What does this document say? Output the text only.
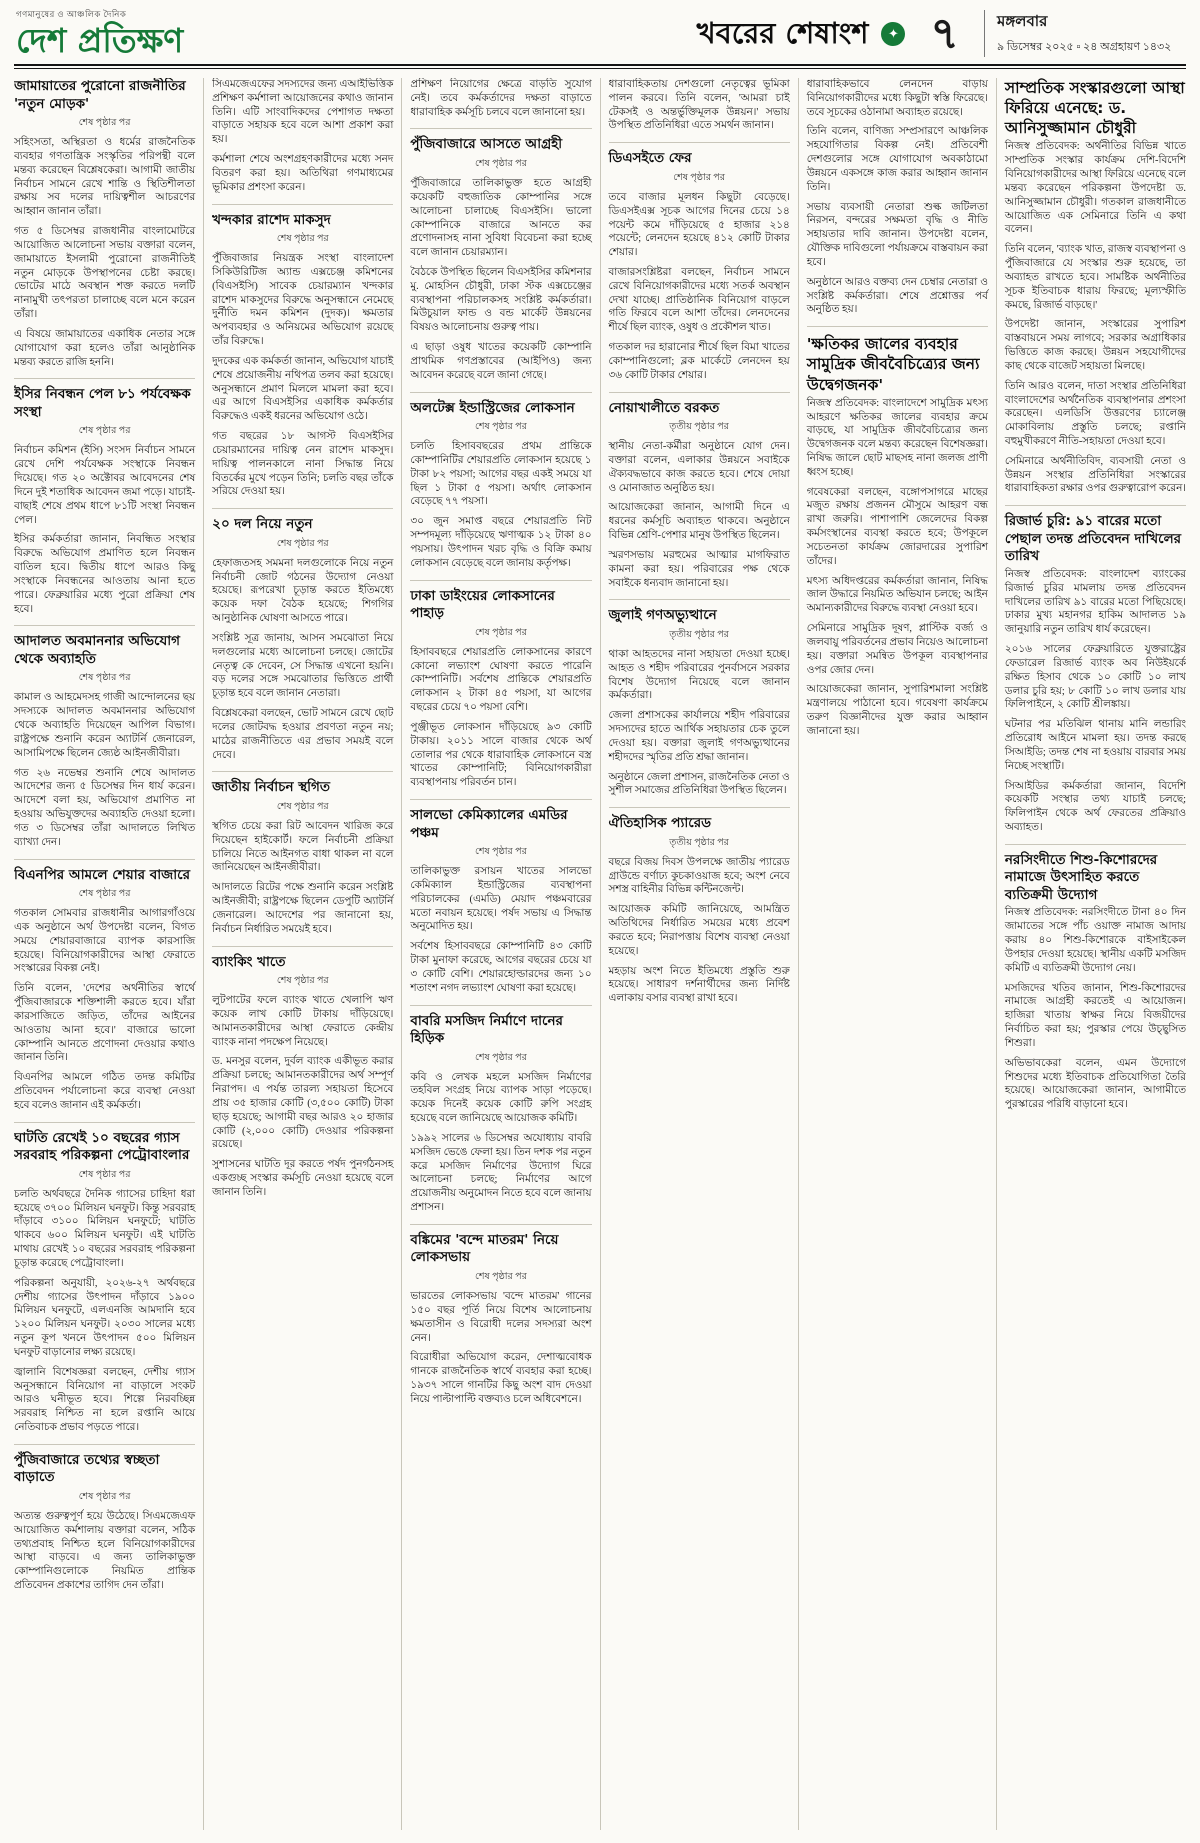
গণমানুষের ও আঞ্চলিক দৈনিক
দেশ প্রতিক্ষণ	খবরের শেষাংশ	✦ ৭	মঙ্গলবার
৯ ডিসেম্বর ২০২৫ ▫ ২৪ অগ্রহায়ণ ১৪৩২
জামায়াতের পুরোনো রাজনীতির 'নতুন মোড়ক'
শেষ পৃষ্ঠার পর

সহিংসতা, অস্থিরতা ও ধর্মের রাজনৈতিক ব্যবহার গণতান্ত্রিক সংস্কৃতির পরিপন্থী বলে মন্তব্য করেছেন বিশ্লেষকেরা। আগামী জাতীয় নির্বাচন সামনে রেখে শান্তি ও স্থিতিশীলতা রক্ষায় সব দলের দায়িত্বশীল আচরণের আহ্বান জানান তাঁরা।

গত ৫ ডিসেম্বর রাজধানীর বাংলামোটরে আয়োজিত আলোচনা সভায় বক্তারা বলেন, জামায়াতে ইসলামী পুরোনো রাজনীতিই নতুন মোড়কে উপস্থাপনের চেষ্টা করছে। ভোটের মাঠে অবস্থান শক্ত করতে দলটি নানামুখী তৎপরতা চালাচ্ছে বলে মনে করেন তাঁরা।

এ বিষয়ে জামায়াতের একাধিক নেতার সঙ্গে যোগাযোগ করা হলেও তাঁরা আনুষ্ঠানিক মন্তব্য করতে রাজি হননি।

ইসির নিবন্ধন পেল ৮১ পর্যবেক্ষক সংস্থা
শেষ পৃষ্ঠার পর

নির্বাচন কমিশন (ইসি) সংসদ নির্বাচন সামনে রেখে দেশি পর্যবেক্ষক সংস্থাকে নিবন্ধন দিয়েছে। গত ২০ অক্টোবর আবেদনের শেষ দিনে দুই শতাধিক আবেদন জমা পড়ে। যাচাই-বাছাই শেষে প্রথম ধাপে ৮১টি সংস্থা নিবন্ধন পেল।

ইসির কর্মকর্তারা জানান, নিবন্ধিত সংস্থার বিরুদ্ধে অভিযোগ প্রমাণিত হলে নিবন্ধন বাতিল হবে। দ্বিতীয় ধাপে আরও কিছু সংস্থাকে নিবন্ধনের আওতায় আনা হতে পারে। ফেব্রুয়ারির মধ্যে পুরো প্রক্রিয়া শেষ হবে।

আদালত অবমাননার অভিযোগ থেকে অব্যাহতি
শেষ পৃষ্ঠার পর

কামাল ও আহমেদসহ গাজী আন্দোলনের ছয় সদস্যকে আদালত অবমাননার অভিযোগ থেকে অব্যাহতি দিয়েছেন আপিল বিভাগ। রাষ্ট্রপক্ষে শুনানি করেন অ্যাটর্নি জেনারেল, আসামিপক্ষে ছিলেন জ্যেষ্ঠ আইনজীবীরা।

গত ২৬ নভেম্বর শুনানি শেষে আদালত আদেশের জন্য ৫ ডিসেম্বর দিন ধার্য করেন। আদেশে বলা হয়, অভিযোগ প্রমাণিত না হওয়ায় অভিযুক্তদের অব্যাহতি দেওয়া হলো। গত ৩ ডিসেম্বর তাঁরা আদালতে লিখিত ব্যাখ্যা দেন।

বিএনপির আমলে শেয়ার বাজারে
শেষ পৃষ্ঠার পর

গতকাল সোমবার রাজধানীর আগারগাঁওয়ে এক অনুষ্ঠানে অর্থ উপদেষ্টা বলেন, বিগত সময়ে শেয়ারবাজারে ব্যাপক কারসাজি হয়েছে। বিনিয়োগকারীদের আস্থা ফেরাতে সংস্কারের বিকল্প নেই।

তিনি বলেন, 'দেশের অর্থনীতির স্বার্থে পুঁজিবাজারকে শক্তিশালী করতে হবে। যাঁরা কারসাজিতে জড়িত, তাঁদের আইনের আওতায় আনা হবে।' বাজারে ভালো কোম্পানি আনতে প্রণোদনা দেওয়ার কথাও জানান তিনি।

বিএনপির আমলে গঠিত তদন্ত কমিটির প্রতিবেদন পর্যালোচনা করে ব্যবস্থা নেওয়া হবে বলেও জানান এই কর্মকর্তা।

ঘাটতি রেখেই ১০ বছরের গ্যাস সরবরাহ পরিকল্পনা পেট্রোবাংলার
শেষ পৃষ্ঠার পর

চলতি অর্থবছরে দৈনিক গ্যাসের চাহিদা ধরা হয়েছে ৩৭০০ মিলিয়ন ঘনফুট। কিন্তু সরবরাহ দাঁড়াবে ৩১০০ মিলিয়ন ঘনফুটে; ঘাটতি থাকবে ৬০০ মিলিয়ন ঘনফুট। এই ঘাটতি মাথায় রেখেই ১০ বছরের সরবরাহ পরিকল্পনা চূড়ান্ত করেছে পেট্রোবাংলা।

পরিকল্পনা অনুযায়ী, ২০২৬-২৭ অর্থবছরে দেশীয় গ্যাসের উৎপাদন দাঁড়াবে ১৯০০ মিলিয়ন ঘনফুটে, এলএনজি আমদানি হবে ১২০০ মিলিয়ন ঘনফুট। ২০৩০ সালের মধ্যে নতুন কূপ খননে উৎপাদন ৫০০ মিলিয়ন ঘনফুট বাড়ানোর লক্ষ্য রয়েছে।

জ্বালানি বিশেষজ্ঞরা বলছেন, দেশীয় গ্যাস অনুসন্ধানে বিনিয়োগ না বাড়ালে সংকট আরও ঘনীভূত হবে। শিল্পে নিরবচ্ছিন্ন সরবরাহ নিশ্চিত না হলে রপ্তানি আয়ে নেতিবাচক প্রভাব পড়তে পারে।

পুঁজিবাজারে তথ্যের স্বচ্ছতা বাড়াতে
শেষ পৃষ্ঠার পর

অত্যন্ত গুরুত্বপূর্ণ হয়ে উঠেছে। সিএমজেএফ আয়োজিত কর্মশালায় বক্তারা বলেন, সঠিক তথ্যপ্রবাহ নিশ্চিত হলে বিনিয়োগকারীদের আস্থা বাড়বে। এ জন্য তালিকাভুক্ত কোম্পানিগুলোকে নিয়মিত প্রান্তিক প্রতিবেদন প্রকাশের তাগিদ দেন তাঁরা।

সিএমজেএফের সদস্যদের জন্য এআইভিত্তিক প্রশিক্ষণ কর্মশালা আয়োজনের কথাও জানান তিনি। এটি সাংবাদিকদের পেশাগত দক্ষতা বাড়াতে সহায়ক হবে বলে আশা প্রকাশ করা হয়।

কর্মশালা শেষে অংশগ্রহণকারীদের মধ্যে সনদ বিতরণ করা হয়। অতিথিরা গণমাধ্যমের ভূমিকার প্রশংসা করেন।

খন্দকার রাশেদ মাকসুদ
শেষ পৃষ্ঠার পর

পুঁজিবাজার নিয়ন্ত্রক সংস্থা বাংলাদেশ সিকিউরিটিজ অ্যান্ড এক্সচেঞ্জ কমিশনের (বিএসইসি) সাবেক চেয়ারম্যান খন্দকার রাশেদ মাকসুদের বিরুদ্ধে অনুসন্ধানে নেমেছে দুর্নীতি দমন কমিশন (দুদক)। ক্ষমতার অপব্যবহার ও অনিয়মের অভিযোগ রয়েছে তাঁর বিরুদ্ধে।

দুদকের এক কর্মকর্তা জানান, অভিযোগ যাচাই শেষে প্রয়োজনীয় নথিপত্র তলব করা হয়েছে। অনুসন্ধানে প্রমাণ মিললে মামলা করা হবে। এর আগে বিএসইসির একাধিক কর্মকর্তার বিরুদ্ধেও একই ধরনের অভিযোগ ওঠে।

গত বছরের ১৮ আগস্ট বিএসইসির চেয়ারম্যানের দায়িত্ব নেন রাশেদ মাকসুদ। দায়িত্ব পালনকালে নানা সিদ্ধান্ত নিয়ে বিতর্কের মুখে পড়েন তিনি; চলতি বছর তাঁকে সরিয়ে দেওয়া হয়।

২০ দল নিয়ে নতুন
শেষ পৃষ্ঠার পর

হেফাজতসহ সমমনা দলগুলোকে নিয়ে নতুন নির্বাচনী জোট গঠনের উদ্যোগ নেওয়া হয়েছে। রূপরেখা চূড়ান্ত করতে ইতিমধ্যে কয়েক দফা বৈঠক হয়েছে; শিগগির আনুষ্ঠানিক ঘোষণা আসতে পারে।

সংশ্লিষ্ট সূত্র জানায়, আসন সমঝোতা নিয়ে দলগুলোর মধ্যে আলোচনা চলছে। জোটের নেতৃত্ব কে দেবেন, সে সিদ্ধান্ত এখনো হয়নি। বড় দলের সঙ্গে সমঝোতার ভিত্তিতে প্রার্থী চূড়ান্ত হবে বলে জানান নেতারা।

বিশ্লেষকেরা বলছেন, ভোট সামনে রেখে ছোট দলের জোটবদ্ধ হওয়ার প্রবণতা নতুন নয়; মাঠের রাজনীতিতে এর প্রভাব সময়ই বলে দেবে।

জাতীয় নির্বাচন স্থগিত
শেষ পৃষ্ঠার পর

স্থগিত চেয়ে করা রিট আবেদন খারিজ করে দিয়েছেন হাইকোর্ট। ফলে নির্বাচনী প্রক্রিয়া চালিয়ে নিতে আইনগত বাধা থাকল না বলে জানিয়েছেন আইনজীবীরা।

আদালতে রিটের পক্ষে শুনানি করেন সংশ্লিষ্ট আইনজীবী; রাষ্ট্রপক্ষে ছিলেন ডেপুটি অ্যাটর্নি জেনারেল। আদেশের পর জানানো হয়, নির্বাচন নির্ধারিত সময়েই হবে।

ব্যাংকিং খাতে
শেষ পৃষ্ঠার পর

লুটপাটের ফলে ব্যাংক খাতে খেলাপি ঋণ কয়েক লাখ কোটি টাকায় দাঁড়িয়েছে। আমানতকারীদের আস্থা ফেরাতে কেন্দ্রীয় ব্যাংক নানা পদক্ষেপ নিয়েছে।

ড. মনসুর বলেন, দুর্বল ব্যাংক একীভূত করার প্রক্রিয়া চলছে; আমানতকারীদের অর্থ সম্পূর্ণ নিরাপদ। এ পর্যন্ত তারল্য সহায়তা হিসেবে প্রায় ৩৫ হাজার কোটি (৩,৫০০ কোটি) টাকা ছাড় হয়েছে; আগামী বছর আরও ২০ হাজার কোটি (২,০০০ কোটি) দেওয়ার পরিকল্পনা রয়েছে।

সুশাসনের ঘাটতি দূর করতে পর্ষদ পুনর্গঠনসহ একগুচ্ছ সংস্কার কর্মসূচি নেওয়া হয়েছে বলে জানান তিনি।

প্রশিক্ষণ নিয়োগের ক্ষেত্রে বাড়তি সুযোগ নেই। তবে কর্মকর্তাদের দক্ষতা বাড়াতে ধারাবাহিক কর্মসূচি চলবে বলে জানানো হয়।

পুঁজিবাজারে আসতে আগ্রহী
শেষ পৃষ্ঠার পর

পুঁজিবাজারে তালিকাভুক্ত হতে আগ্রহী কয়েকটি বহুজাতিক কোম্পানির সঙ্গে আলোচনা চালাচ্ছে বিএসইসি। ভালো কোম্পানিকে বাজারে আনতে কর প্রণোদনাসহ নানা সুবিধা বিবেচনা করা হচ্ছে বলে জানান চেয়ারম্যান।

বৈঠকে উপস্থিত ছিলেন বিএসইসির কমিশনার মু. মোহসিন চৌধুরী, ঢাকা স্টক এক্সচেঞ্জের ব্যবস্থাপনা পরিচালকসহ সংশ্লিষ্ট কর্মকর্তারা। মিউচুয়াল ফান্ড ও বন্ড মার্কেট উন্নয়নের বিষয়ও আলোচনায় গুরুত্ব পায়।

এ ছাড়া ওষুধ খাতের কয়েকটি কোম্পানি প্রাথমিক গণপ্রস্তাবের (আইপিও) জন্য আবেদন করেছে বলে জানা গেছে।

অলটেক্স ইন্ডাস্ট্রিজের লোকসান
শেষ পৃষ্ঠার পর

চলতি হিসাববছরের প্রথম প্রান্তিকে কোম্পানিটির শেয়ারপ্রতি লোকসান হয়েছে ১ টাকা ৮২ পয়সা; আগের বছর একই সময়ে যা ছিল ১ টাকা ৫ পয়সা। অর্থাৎ লোকসান বেড়েছে ৭৭ পয়সা।

৩০ জুন সমাপ্ত বছরে শেয়ারপ্রতি নিট সম্পদমূল্য দাঁড়িয়েছে ঋণাত্মক ১২ টাকা ৪০ পয়সায়। উৎপাদন খরচ বৃদ্ধি ও বিক্রি কমায় লোকসান বেড়েছে বলে জানায় কর্তৃপক্ষ।

ঢাকা ডাইংয়ের লোকসানের পাহাড়
শেষ পৃষ্ঠার পর

হিসাববছরে শেয়ারপ্রতি লোকসানের কারণে কোনো লভ্যাংশ ঘোষণা করতে পারেনি কোম্পানিটি। সর্বশেষ প্রান্তিকে শেয়ারপ্রতি লোকসান ২ টাকা ৪৫ পয়সা, যা আগের বছরের চেয়ে ৭০ পয়সা বেশি।

পুঞ্জীভূত লোকসান দাঁড়িয়েছে ৯৩ কোটি টাকায়। ২০১১ সালে বাজার থেকে অর্থ তোলার পর থেকে ধারাবাহিক লোকসানে বস্ত্র খাতের কোম্পানিটি; বিনিয়োগকারীরা ব্যবস্থাপনায় পরিবর্তন চান।

সালভো কেমিক্যালের এমডির পঞ্চম
শেষ পৃষ্ঠার পর

তালিকাভুক্ত রসায়ন খাতের সালভো কেমিক্যাল ইন্ডাস্ট্রিজের ব্যবস্থাপনা পরিচালকের (এমডি) মেয়াদ পঞ্চমবারের মতো নবায়ন হয়েছে। পর্ষদ সভায় এ সিদ্ধান্ত অনুমোদিত হয়।

সর্বশেষ হিসাববছরে কোম্পানিটি ৪৩ কোটি টাকা মুনাফা করেছে, আগের বছরের চেয়ে যা ৩ কোটি বেশি। শেয়ারহোল্ডারদের জন্য ১০ শতাংশ নগদ লভ্যাংশ ঘোষণা করা হয়েছে।

বাবরি মসজিদ নির্মাণে দানের হিড়িক
শেষ পৃষ্ঠার পর

কবি ও লেখক মহলে মসজিদ নির্মাণের তহবিল সংগ্রহ নিয়ে ব্যাপক সাড়া পড়েছে। কয়েক দিনেই কয়েক কোটি রুপি সংগ্রহ হয়েছে বলে জানিয়েছে আয়োজক কমিটি।

১৯৯২ সালের ৬ ডিসেম্বর অযোধ্যায় বাবরি মসজিদ ভেঙে ফেলা হয়। তিন দশক পর নতুন করে মসজিদ নির্মাণের উদ্যোগ ঘিরে আলোচনা চলছে; নির্মাণের আগে প্রয়োজনীয় অনুমোদন নিতে হবে বলে জানায় প্রশাসন।

বঙ্কিমের 'বন্দে মাতরম' নিয়ে লোকসভায়
শেষ পৃষ্ঠার পর

ভারতের লোকসভায় 'বন্দে মাতরম' গানের ১৫০ বছর পূর্তি নিয়ে বিশেষ আলোচনায় ক্ষমতাসীন ও বিরোধী দলের সদস্যরা অংশ নেন।

বিরোধীরা অভিযোগ করেন, দেশাত্মবোধক গানকে রাজনৈতিক স্বার্থে ব্যবহার করা হচ্ছে। ১৯৩৭ সালে গানটির কিছু অংশ বাদ দেওয়া নিয়ে পাল্টাপাল্টি বক্তব্যও চলে অধিবেশনে।

ধারাবাহিকতায় দেশগুলো নেতৃত্বের ভূমিকা পালন করবে। তিনি বলেন, 'আমরা চাই টেকসই ও অন্তর্ভুক্তিমূলক উন্নয়ন।' সভায় উপস্থিত প্রতিনিধিরা এতে সমর্থন জানান।

ডিএসইতে ফের
শেষ পৃষ্ঠার পর

তবে বাজার মূলধন কিছুটা বেড়েছে। ডিএসইএক্স সূচক আগের দিনের চেয়ে ১৪ পয়েন্ট কমে দাঁড়িয়েছে ৫ হাজার ২১৪ পয়েন্টে; লেনদেন হয়েছে ৪১২ কোটি টাকার শেয়ার।

বাজারসংশ্লিষ্টরা বলছেন, নির্বাচন সামনে রেখে বিনিয়োগকারীদের মধ্যে সতর্ক অবস্থান দেখা যাচ্ছে। প্রাতিষ্ঠানিক বিনিয়োগ বাড়লে গতি ফিরবে বলে আশা তাঁদের। লেনদেনের শীর্ষে ছিল ব্যাংক, ওষুধ ও প্রকৌশল খাত।

গতকাল দর হারানোর শীর্ষে ছিল বিমা খাতের কোম্পানিগুলো; ব্লক মার্কেটে লেনদেন হয় ৩৬ কোটি টাকার শেয়ার।

নোয়াখালীতে বরকত
তৃতীয় পৃষ্ঠার পর

স্থানীয় নেতা-কর্মীরা অনুষ্ঠানে যোগ দেন। বক্তারা বলেন, এলাকার উন্নয়নে সবাইকে ঐক্যবদ্ধভাবে কাজ করতে হবে। শেষে দোয়া ও মোনাজাত অনুষ্ঠিত হয়।

আয়োজকেরা জানান, আগামী দিনে এ ধরনের কর্মসূচি অব্যাহত থাকবে। অনুষ্ঠানে বিভিন্ন শ্রেণি-পেশার মানুষ উপস্থিত ছিলেন।

স্মরণসভায় মরহুমের আত্মার মাগফিরাত কামনা করা হয়। পরিবারের পক্ষ থেকে সবাইকে ধন্যবাদ জানানো হয়।

জুলাই গণঅভ্যুত্থানে
তৃতীয় পৃষ্ঠার পর

থাকা আহতদের নানা সহায়তা দেওয়া হচ্ছে। আহত ও শহীদ পরিবারের পুনর্বাসনে সরকার বিশেষ উদ্যোগ নিয়েছে বলে জানান কর্মকর্তারা।

জেলা প্রশাসকের কার্যালয়ে শহীদ পরিবারের সদস্যদের হাতে আর্থিক সহায়তার চেক তুলে দেওয়া হয়। বক্তারা জুলাই গণঅভ্যুত্থানের শহীদদের স্মৃতির প্রতি শ্রদ্ধা জানান।

অনুষ্ঠানে জেলা প্রশাসন, রাজনৈতিক নেতা ও সুশীল সমাজের প্রতিনিধিরা উপস্থিত ছিলেন।

ঐতিহাসিক প্যারেড
তৃতীয় পৃষ্ঠার পর

বছরে বিজয় দিবস উপলক্ষে জাতীয় প্যারেড গ্রাউন্ডে বর্ণাঢ্য কুচকাওয়াজ হবে; অংশ নেবে সশস্ত্র বাহিনীর বিভিন্ন কন্টিনজেন্ট।

আয়োজক কমিটি জানিয়েছে, আমন্ত্রিত অতিথিদের নির্ধারিত সময়ের মধ্যে প্রবেশ করতে হবে; নিরাপত্তায় বিশেষ ব্যবস্থা নেওয়া হয়েছে।

মহড়ায় অংশ নিতে ইতিমধ্যে প্রস্তুতি শুরু হয়েছে। সাধারণ দর্শনার্থীদের জন্য নির্দিষ্ট এলাকায় বসার ব্যবস্থা রাখা হবে।

ধারাবাহিকভাবে লেনদেন বাড়ায় বিনিয়োগকারীদের মধ্যে কিছুটা স্বস্তি ফিরেছে। তবে সূচকের ওঠানামা অব্যাহত রয়েছে।

তিনি বলেন, বাণিজ্য সম্প্রসারণে আঞ্চলিক সহযোগিতার বিকল্প নেই। প্রতিবেশী দেশগুলোর সঙ্গে যোগাযোগ অবকাঠামো উন্নয়নে একসঙ্গে কাজ করার আহ্বান জানান তিনি।

সভায় ব্যবসায়ী নেতারা শুল্ক জটিলতা নিরসন, বন্দরের সক্ষমতা বৃদ্ধি ও নীতি সহায়তার দাবি জানান। উপদেষ্টা বলেন, যৌক্তিক দাবিগুলো পর্যায়ক্রমে বাস্তবায়ন করা হবে।

অনুষ্ঠানে আরও বক্তব্য দেন চেম্বার নেতারা ও সংশ্লিষ্ট কর্মকর্তারা। শেষে প্রশ্নোত্তর পর্ব অনুষ্ঠিত হয়।

'ক্ষতিকর জালের ব্যবহার সামুদ্রিক জীববৈচিত্র্যের জন্য উদ্বেগজনক'

নিজস্ব প্রতিবেদক: বাংলাদেশে সামুদ্রিক মৎস্য আহরণে ক্ষতিকর জালের ব্যবহার ক্রমে বাড়ছে, যা সামুদ্রিক জীববৈচিত্র্যের জন্য উদ্বেগজনক বল‌ে মন্তব্য করেছেন বিশেষজ্ঞরা। নিষিদ্ধ জালে ছোট মাছসহ নানা জলজ প্রাণী ধ্বংস হচ্ছে।

গবেষকেরা বলছেন, বঙ্গোপসাগরে মাছের মজুত রক্ষায় প্রজনন মৌসুমে আহরণ বন্ধ রাখা জরুরি। পাশাপাশি জেলেদের বিকল্প কর্মসংস্থানের ব্যবস্থা করতে হবে; উপকূলে সচেতনতা কার্যক্রম জোরদারের সুপারিশ তাঁদের।

মৎস্য অধিদপ্তরের কর্মকর্তারা জানান, নিষিদ্ধ জাল উদ্ধারে নিয়মিত অভিযান চলছে; আইন অমান্যকারীদের বিরুদ্ধে ব্যবস্থা নেওয়া হবে।

সেমিনারে সামুদ্রিক দূষণ, প্লাস্টিক বর্জ্য ও জলবায়ু পরিবর্তনের প্রভাব নিয়েও আলোচনা হয়। বক্তারা সমন্বিত উপকূল ব্যবস্থাপনার ওপর জোর দেন।

আয়োজকেরা জানান, সুপারিশমালা সংশ্লিষ্ট মন্ত্রণালয়ে পাঠানো হবে। গবেষণা কার্যক্রমে তরুণ বিজ্ঞানীদের যুক্ত করার আহ্বান জানানো হয়।

সাম্প্রতিক সংস্কারগুলো আস্থা ফিরিয়ে এনেছে: ড. আনিসুজ্জামান চৌধুরী

নিজস্ব প্রতিবেদক: অর্থনীতির বিভিন্ন খাতে সাম্প্রতিক সংস্কার কার্যক্রম দেশি-বিদেশি বিনিয়োগকারীদের আস্থা ফিরিয়ে এনেছে বলে মন্তব্য করেছেন পরিকল্পনা উপদেষ্টা ড. আনিসুজ্জামান চৌধুরী। গতকাল রাজধানীতে আয়োজিত এক সেমিনারে তিনি এ কথা বলেন।

তিনি বলেন, 'ব্যাংক খাত, রাজস্ব ব্যবস্থাপনা ও পুঁজিবাজারে যে সংস্কার শুরু হয়েছে, তা অব্যাহত রাখতে হবে। সামষ্টিক অর্থনীতির সূচক ইতিবাচক ধারায় ফিরছে; মূল্যস্ফীতি কমছে, রিজার্ভ বাড়ছে।'

উপদেষ্টা জানান, সংস্কারের সুপারিশ বাস্তবায়নে সময় লাগবে; সরকার অগ্রাধিকার ভিত্তিতে কাজ করছে। উন্নয়ন সহযোগীদের কাছ থেকে বাজেট সহায়তা মিলছে।

তিনি আরও বলেন, দাতা সংস্থার প্রতিনিধিরা বাংলাদেশের অর্থনৈতিক ব্যবস্থাপনার প্রশংসা করেছেন। এলডিসি উত্তরণের চ্যালেঞ্জ মোকাবিলায় প্রস্তুতি চলছে; রপ্তানি বহুমুখীকরণে নীতি-সহায়তা দেওয়া হবে।

সেমিনারে অর্থনীতিবিদ, ব্যবসায়ী নেতা ও উন্নয়ন সংস্থার প্রতিনিধিরা সংস্কারের ধারাবাহিকতা রক্ষার ওপর গুরুত্বারোপ করেন।

রিজার্ভ চুরি: ৯১ বারের মতো পেছাল তদন্ত প্রতিবেদন দাখিলের তারিখ

নিজস্ব প্রতিবেদক: বাংলাদেশ ব্যাংকের রিজার্ভ চুরির মামলায় তদন্ত প্রতিবেদন দাখিলের তারিখ ৯১ বারের মতো পিছিয়েছে। ঢাকার মুখ্য মহানগর হাকিম আদালত ১৯ জানুয়ারি নতুন তারিখ ধার্য করেছেন।

২০১৬ সালের ফেব্রুয়ারিতে যুক্তরাষ্ট্রের ফেডারেল রিজার্ভ ব্যাংক অব নিউইয়র্কে রক্ষিত হিসাব থেকে ১০ কোটি ১০ লাখ ডলার চুরি হয়; ৮ কোটি ১০ লাখ ডলার যায় ফিলিপাইনে, ২ কোটি শ্রীলঙ্কায়।

ঘটনার পর মতিঝিল থানায় মানি লন্ডারিং প্রতিরোধ আইনে মামলা হয়। তদন্ত করছে সিআইডি; তদন্ত শেষ না হওয়ায় বারবার সময় নিচ্ছে সংস্থাটি।

সিআইডির কর্মকর্তারা জানান, বিদেশি কয়েকটি সংস্থার তথ্য যাচাই চলছে; ফিলিপাইন থেকে অর্থ ফেরতের প্রক্রিয়াও অব্যাহত।

নরসিংদীতে শিশু-কিশোরদের নামাজে উৎসাহিত করতে ব্যতিক্রমী উদ্যোগ

নিজস্ব প্রতিবেদক: নরসিংদীতে টানা ৪০ দিন জামাতের সঙ্গে পাঁচ ওয়াক্ত নামাজ আদায় করায় ৪০ শিশু-কিশোরকে বাইসাইকেল উপহার দেওয়া হয়েছে। স্থানীয় একটি মসজিদ কমিটি এ ব্যতিক্রমী উদ্যোগ নেয়।

মসজিদের খতিব জানান, শিশু-কিশোরদের নামাজে আগ্রহী করতেই এ আয়োজন। হাজিরা খাতায় স্বাক্ষর নিয়ে বিজয়ীদের নির্বাচিত করা হয়; পুরস্কার পেয়ে উচ্ছ্বসিত শিশুরা।

অভিভাবকেরা বলেন, এমন উদ্যোগে শিশুদের মধ্যে ইতিবাচক প্রতিযোগিতা তৈরি হয়েছে। আয়োজকেরা জানান, আগামীতে পুরস্কারের পরিধি বাড়ানো হবে।
